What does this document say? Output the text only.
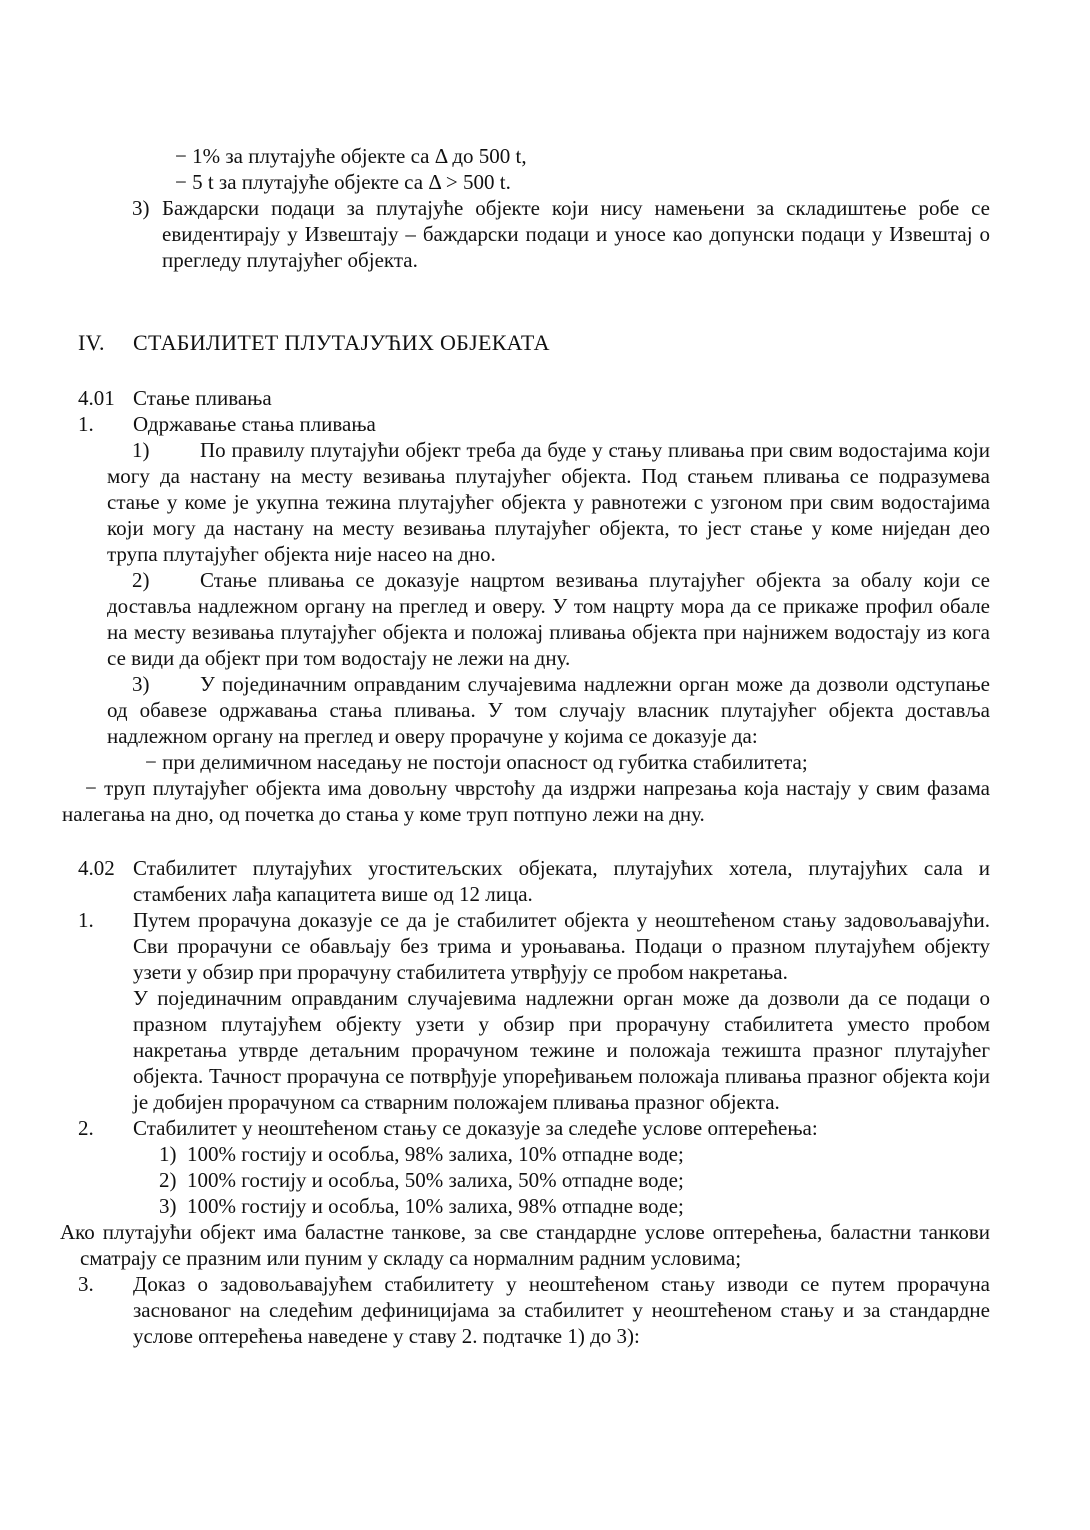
− 1% за плутајуће објекте са Δ до 500 t,

− 5 t за плутајуће објекте са Δ > 500 t.

3) Баждарски подаци за плутајуће објекте који нису намењени за складиштење робе се евидентирају у Извештају – баждарски подаци и уносе као допунски подаци у Извештај о прегледу плутајућег објекта.

IV. СТАБИЛИТЕТ ПЛУТАЈУЋИХ ОБЈЕКАТА

4.01 Стање пливања

1. Одржавање стања пливања

1) По правилу плутајући објект треба да буде у стању пливања при свим водостајима који могу да настану на месту везивања плутајућег објекта. Под стањем пливања се подразумева стање у коме је укупна тежина плутајућег објекта у равнотежи с узгоном при свим водостајима који могу да настану на месту везивања плутајућег објекта, то јест стање у коме ниједан део трупа плутајућег објекта није насео на дно.

2) Стање пливања се доказује нацртом везивања плутајућег објекта за обалу који се доставља надлежном органу на преглед и оверу. У том нацрту мора да се прикаже профил обале на месту везивања плутајућег објекта и положај пливања објекта при најнижем водостају из кога се види да објект при том водостају не лежи на дну.

3) У појединачним оправданим случајевима надлежни орган може да дозволи одступање од обавезе одржавања стања пливања. У том случају власник плутајућег објекта доставља надлежном органу на преглед и оверу прорачуне у којима се доказује да:

− при делимичном наседању не постоји опасност од губитка стабилитета;

− труп плутајућег објекта има довољну чврстоћу да издржи напрезања која настају у свим фазама налегања на дно, од почетка до стања у коме труп потпуно лежи на дну.

4.02 Стабилитет плутајућих угоститељских објеката, плутајућих хотела, плутајућих сала и стамбених лађа капацитета више од 12 лица.

1. Путем прорачуна доказује се да је стабилитет објекта у неоштећеном стању задовољавајући. Сви прорачуни се обављају без трима и уроњавања. Подаци о празном плутајућем објекту узети у обзир при прорачуну стабилитета утврђују се пробом накретања.

У појединачним оправданим случајевима надлежни орган може да дозволи да се подаци о празном плутајућем објекту узети у обзир при прорачуну стабилитета уместо пробом накретања утврде детаљним прорачуном тежине и положаја тежишта празног плутајућег објекта. Тачност прорачуна се потврђује упоређивањем положаја пливања празног објекта који је добијен прорачуном са стварним положајем пливања празног објекта.

2. Стабилитет у неоштећеном стању се доказује за следеће услове оптерећења:

1) 100% гостију и особља, 98% залиха, 10% отпадне воде;

2) 100% гостију и особља, 50% залиха, 50% отпадне воде;

3) 100% гостију и особља, 10% залиха, 98% отпадне воде;

Ако плутајући објект има баластне танкове, за све стандардне услове оптерећења, баластни танкови сматрају се празним или пуним у складу са нормалним радним условима;

3. Доказ о задовољавајућем стабилитету у неоштећеном стању изводи се путем прорачуна заснованог на следећим дефиницијама за стабилитет у неоштећеном стању и за стандардне услове оптерећења наведене у ставу 2. подтачке 1) до 3):
